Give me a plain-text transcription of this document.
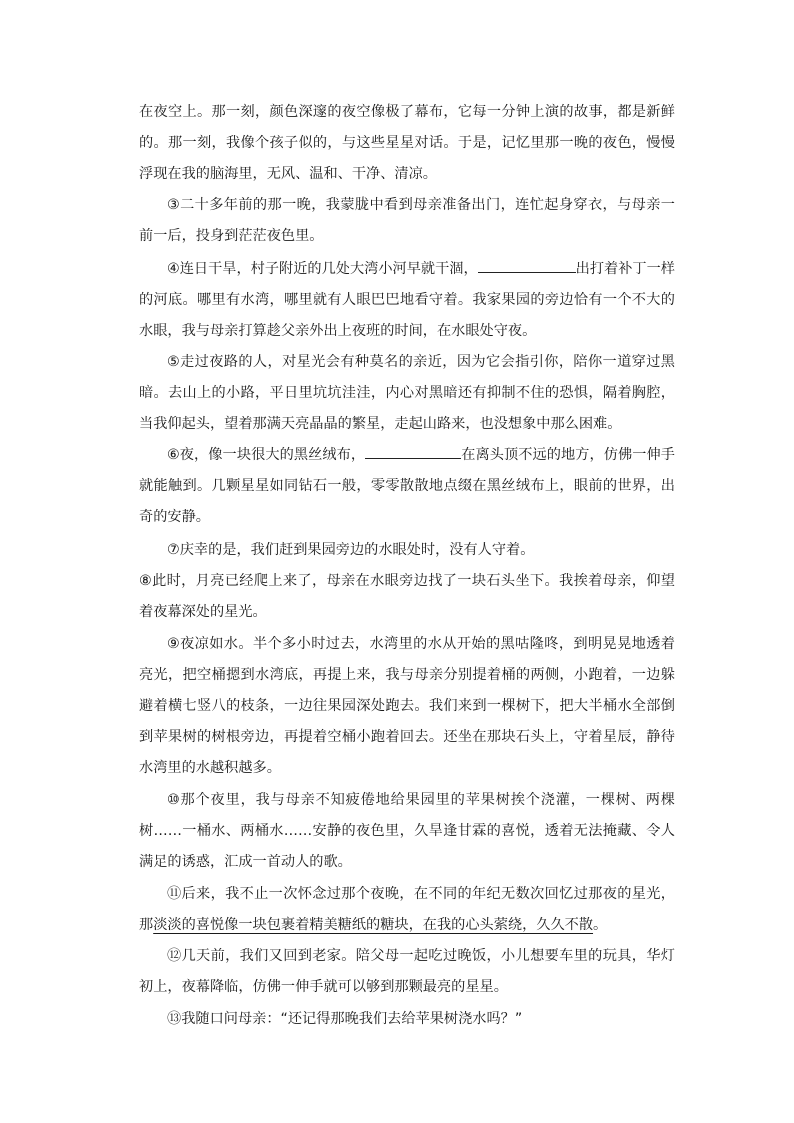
在夜空上。那一刻，颜色深邃的夜空像极了幕布，它每一分钟上演的故事，都是新鲜的。那一刻，我像个孩子似的，与这些星星对话。于是，记忆里那一晚的夜色，慢慢浮现在我的脑海里，无风、温和、干净、清凉。

③二十多年前的那一晚，我蒙胧中看到母亲准备出门，连忙起身穿衣，与母亲一前一后，投身到茫茫夜色里。

④连日干旱，村子附近的几处大湾小河早就干涸，	出打着补丁一样的河底。哪里有水湾，哪里就有人眼巴巴地看守着。我家果园的旁边恰有一个不大的水眼，我与母亲打算趁父亲外出上夜班的时间，在水眼处守夜。

⑤走过夜路的人，对星光会有种莫名的亲近，因为它会指引你，陪你一道穿过黑暗。去山上的小路，平日里坑坑洼洼，内心对黑暗还有抑制不住的恐惧，隔着胸腔，当我仰起头，望着那满天亮晶晶的繁星，走起山路来，也没想象中那么困难。

⑥夜，像一块很大的黑丝绒布，	在离头顶不远的地方，仿佛一伸手就能触到。几颗星星如同钻石一般，零零散散地点缀在黑丝绒布上，眼前的世界，出奇的安静。

⑦庆幸的是，我们赶到果园旁边的水眼处时，没有人守着。

⑧此时，月亮已经爬上来了，母亲在水眼旁边找了一块石头坐下。我挨着母亲，仰望着夜幕深处的星光。

⑨夜凉如水。半个多小时过去，水湾里的水从开始的黑咕隆咚，到明晃晃地透着亮光，把空桶摁到水湾底，再提上来，我与母亲分别提着桶的两侧，小跑着，一边躲避着横七竖八的枝条，一边往果园深处跑去。我们来到一棵树下，把大半桶水全部倒到苹果树的树根旁边，再提着空桶小跑着回去。还坐在那块石头上，守着星辰，静待水湾里的水越积越多。

⑩那个夜里，我与母亲不知疲倦地给果园里的苹果树挨个浇灌，一棵树、两棵树……一桶水、两桶水……安静的夜色里，久旱逢甘霖的喜悦，透着无法掩藏、令人满足的诱惑，汇成一首动人的歌。

⑪后来，我不止一次怀念过那个夜晚，在不同的年纪无数次回忆过那夜的星光，那淡淡的喜悦像一块包裹着精美糖纸的糖块，在我的心头萦绕，久久不散。

⑫几天前，我们又回到老家。陪父母一起吃过晚饭，小儿想要车里的玩具，华灯初上，夜幕降临，仿佛一伸手就可以够到那颗最亮的星星。

⑬我随口问母亲：“还记得那晚我们去给苹果树浇水吗？”
